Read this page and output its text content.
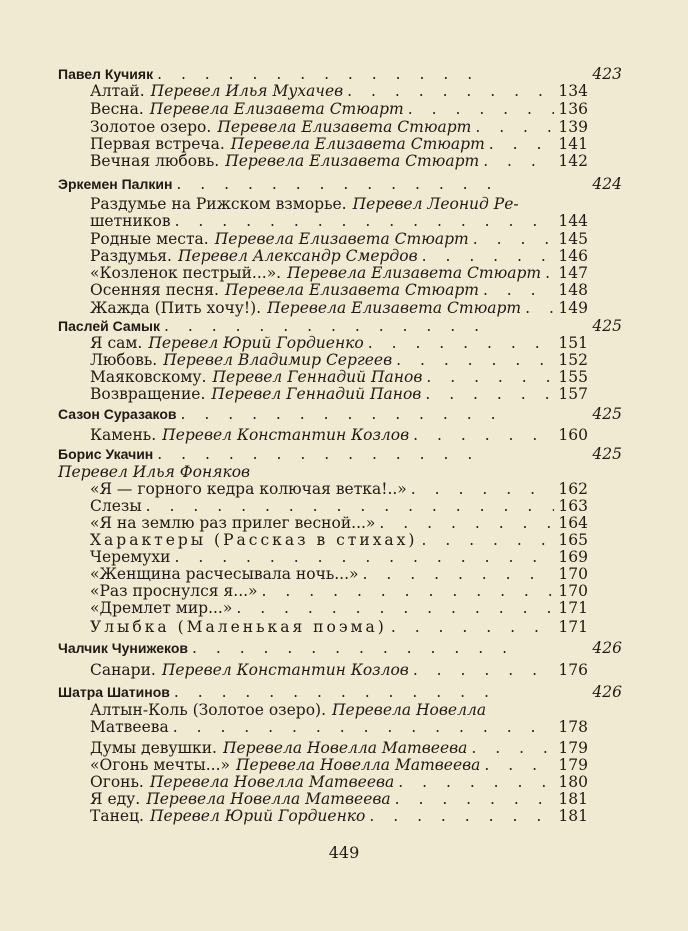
Павел Кучияк . . .	423
Алтай. Перевел Илья Мухачев . . .	134
Весна. Перевела Елизавета Стюарт . . .	136
Золотое озеро. Перевела Елизавета Стюарт . . .	139
Первая встреча. Перевела Елизавета Стюарт . . .	141
Вечная любовь. Перевела Елизавета Стюарт . . .	142
Эркемен Палкин . . .	424
Раздумье на Рижском взморье. Перевел Леонид Ре-
шетников . . .	144
Родные места. Перевела Елизавета Стюарт . . .	145
Раздумья. Перевел Александр Смердов . . .	146
«Козленок пестрый...». Перевела Елизавета Стюарт . . . 147
Осенняя песня. Перевела Елизавета Стюарт . . .	148
Жажда (Пить хочу!). Перевела Елизавета Стюарт . . . 149
Паслей Самык . . .	425
Я сам. Перевел Юрий Гордиенко . . .	151
Любовь. Перевел Владимир Сергеев . . .	152
Маяковскому. Перевел Геннадий Панов . . .	155
Возвращение. Перевел Геннадий Панов . . .	157
Сазон Суразаков . . .	425
Камень. Перевел Константин Козлов . . .	160
Борис Укачин . . .	425
Перевел Илья Фоняков
«Я — горного кедра колючая ветка!..» . . .	162
Слезы . . .	163
«Я на землю раз прилег весной...» . . .	164
Характеры (Рассказ в стихах) . . .	165
Черемухи . . .	169
«Женщина расчесывала ночь...» . . .	170
«Раз проснулся я...» . . .	170
«Дремлет мир...» . . .	171
Улыбка (Маленькая поэма) . . .	171
Чалчик Чунижеков . . .	426
Санари. Перевел Константин Козлов . . .	176
Шатра Шатинов . . .	426
Алтын-Коль (Золотое озеро). Перевела Новелла
Матвеева . . .	178
Думы девушки. Перевела Новелла Матвеева . . .	179
«Огонь мечты...» Перевела Новелла Матвеева . . .	179
Огонь. Перевела Новелла Матвеева . . .	180
Я еду. Перевела Новелла Матвеева . . .	181
Танец. Перевел Юрий Гордиенко . . .	181
449
